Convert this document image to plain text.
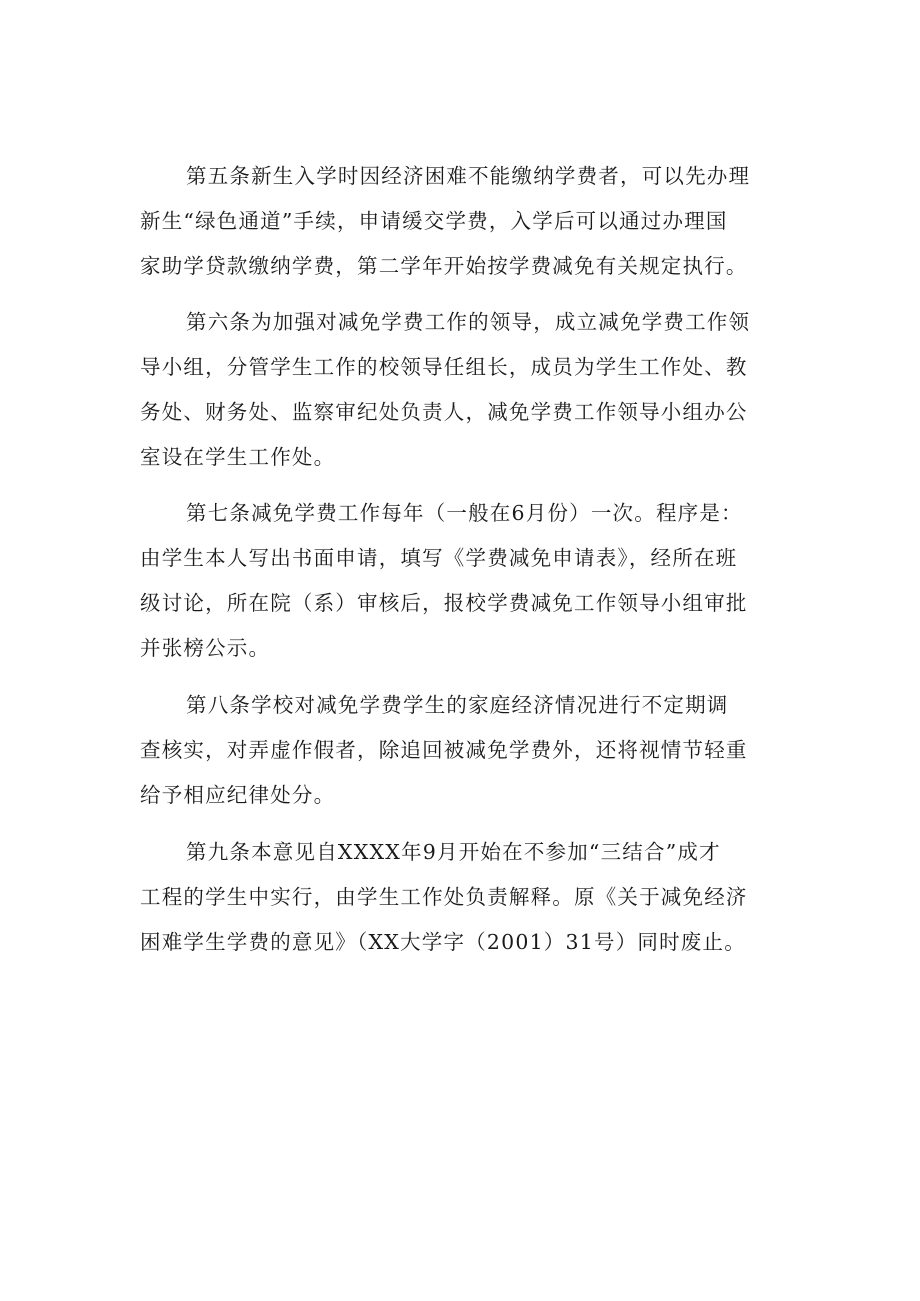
第五条新生入学时因经济困难不能缴纳学费者，可以先办理
新生“绿色通道”手续，申请缓交学费，入学后可以通过办理国
家助学贷款缴纳学费，第二学年开始按学费减免有关规定执行。
第六条为加强对减免学费工作的领导，成立减免学费工作领
导小组，分管学生工作的校领导任组长，成员为学生工作处、教
务处、财务处、监察审纪处负责人，减免学费工作领导小组办公
室设在学生工作处。
第七条减免学费工作每年（一般在6月份）一次。程序是：
由学生本人写出书面申请，填写《学费减免申请表》，经所在班
级讨论，所在院（系）审核后，报校学费减免工作领导小组审批
并张榜公示。
第八条学校对减免学费学生的家庭经济情况进行不定期调
查核实，对弄虚作假者，除追回被减免学费外，还将视情节轻重
给予相应纪律处分。
第九条本意见自XXXX年9月开始在不参加“三结合”成才
工程的学生中实行，由学生工作处负责解释。原《关于减免经济
困难学生学费的意见》（XX大学字（2001）31号）同时废止。
